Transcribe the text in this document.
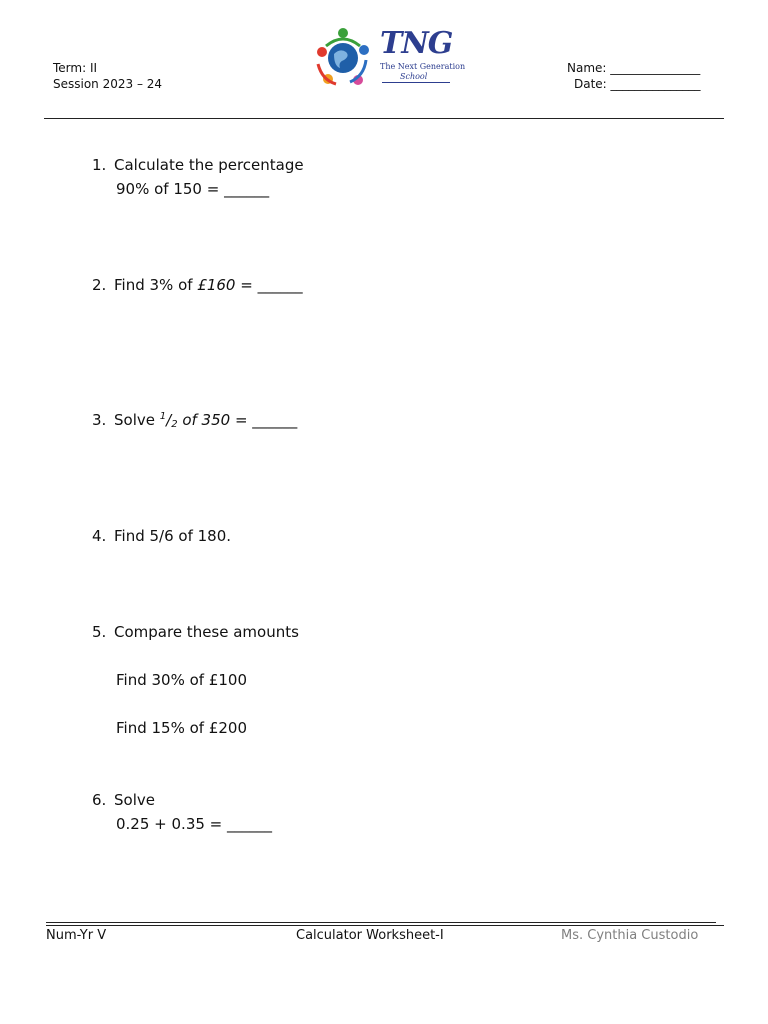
Term: II
Session 2023 – 24
TNG
The Next Generation
School
Name: _______________
Date: _______________
1. Calculate the percentage
90% of 150 = ______
2. Find 3% of £160 = ______
3. Solve $^1/_2$ of 350 = ______
4. Find 5/6 of 180.
5. Compare these amounts
Find 30% of £100
Find 15% of £200
6. Solve
0.25 + 0.35 = ______
Num-Yr V	Calculator Worksheet-I	Ms. Cynthia Custodio
